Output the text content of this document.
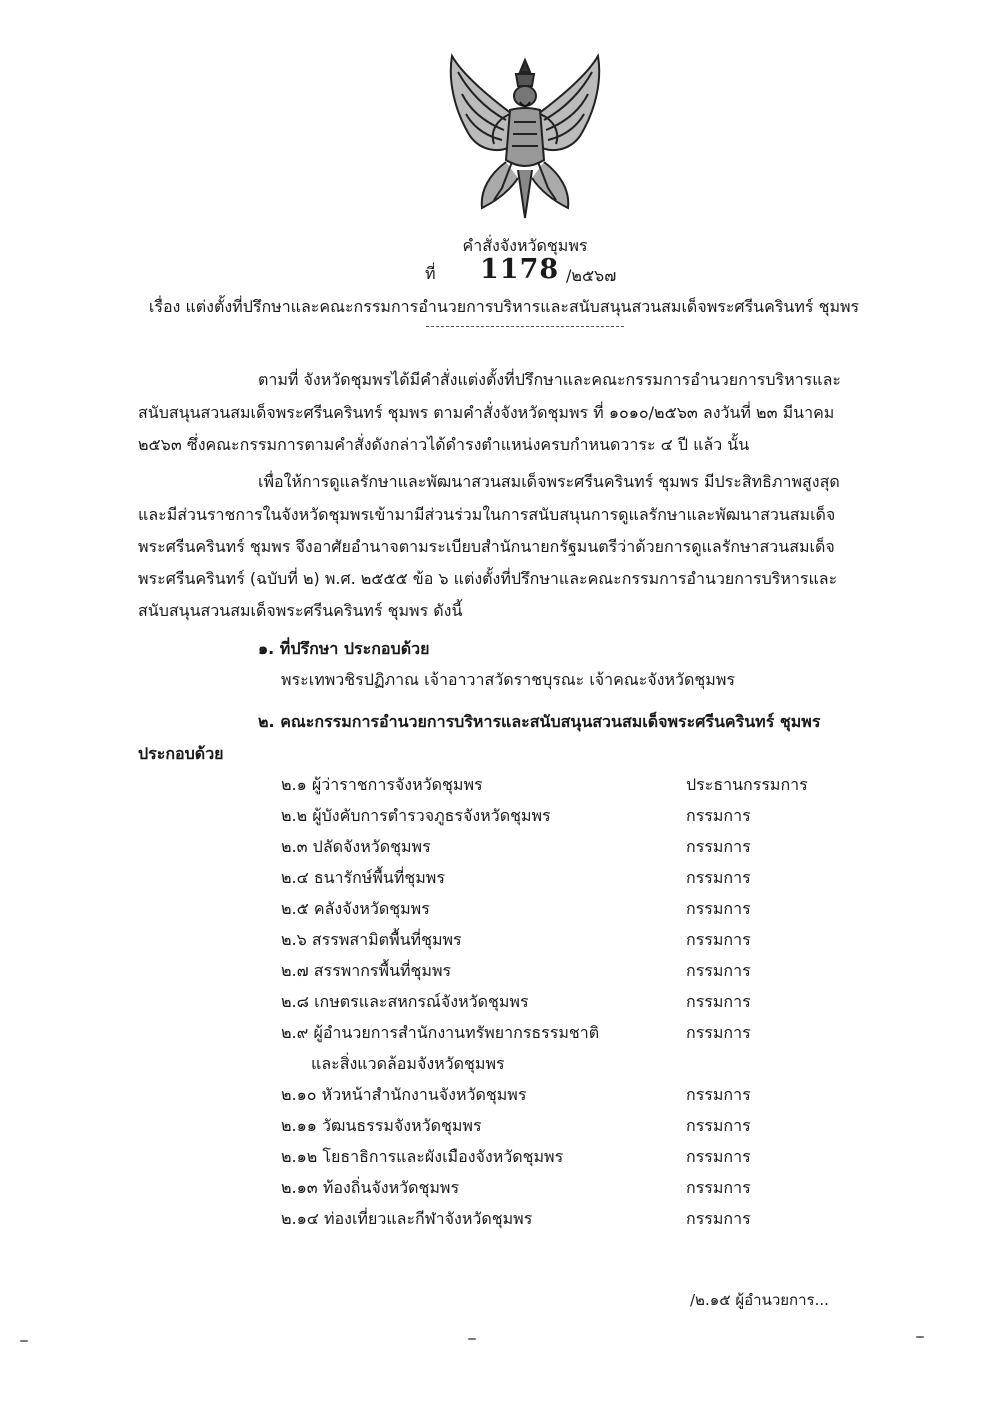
คำสั่งจังหวัดชุมพร
ที่ 1178 /๒๕๖๗
เรื่อง แต่งตั้งที่ปรึกษาและคณะกรรมการอำนวยการบริหารและสนับสนุนสวนสมเด็จพระศรีนครินทร์ ชุมพร
ตามที่ จังหวัดชุมพรได้มีคำสั่งแต่งตั้งที่ปรึกษาและคณะกรรมการอำนวยการบริหารและ
สนับสนุนสวนสมเด็จพระศรีนครินทร์ ชุมพร ตามคำสั่งจังหวัดชุมพร ที่ ๑๐๑๐/๒๕๖๓ ลงวันที่ ๒๓ มีนาคม
๒๕๖๓ ซึ่งคณะกรรมการตามคำสั่งดังกล่าวได้ดำรงตำแหน่งครบกำหนดวาระ ๔ ปี แล้ว นั้น
เพื่อให้การดูแลรักษาและพัฒนาสวนสมเด็จพระศรีนครินทร์ ชุมพร มีประสิทธิภาพสูงสุด
และมีส่วนราชการในจังหวัดชุมพรเข้ามามีส่วนร่วมในการสนับสนุนการดูแลรักษาและพัฒนาสวนสมเด็จ
พระศรีนครินทร์ ชุมพร จึงอาศัยอำนาจตามระเบียบสำนักนายกรัฐมนตรีว่าด้วยการดูแลรักษาสวนสมเด็จ
พระศรีนครินทร์ (ฉบับที่ ๒) พ.ศ. ๒๕๕๕ ข้อ ๖ แต่งตั้งที่ปรึกษาและคณะกรรมการอำนวยการบริหารและ
สนับสนุนสวนสมเด็จพระศรีนครินทร์ ชุมพร ดังนี้
๑. ที่ปรึกษา ประกอบด้วย
พระเทพวชิรปฏิภาณ เจ้าอาวาสวัดราชบุรณะ เจ้าคณะจังหวัดชุมพร
๒. คณะกรรมการอำนวยการบริหารและสนับสนุนสวนสมเด็จพระศรีนครินทร์ ชุมพร
ประกอบด้วย
๒.๑ ผู้ว่าราชการจังหวัดชุมพร	ประธานกรรมการ
๒.๒ ผู้บังคับการตำรวจภูธรจังหวัดชุมพร	กรรมการ
๒.๓ ปลัดจังหวัดชุมพร	กรรมการ
๒.๔ ธนารักษ์พื้นที่ชุมพร	กรรมการ
๒.๕ คลังจังหวัดชุมพร	กรรมการ
๒.๖ สรรพสามิตพื้นที่ชุมพร	กรรมการ
๒.๗ สรรพากรพื้นที่ชุมพร	กรรมการ
๒.๘ เกษตรและสหกรณ์จังหวัดชุมพร	กรรมการ
๒.๙ ผู้อำนวยการสำนักงานทรัพยากรธรรมชาติ	กรรมการ
และสิ่งแวดล้อมจังหวัดชุมพร
๒.๑๐ หัวหน้าสำนักงานจังหวัดชุมพร	กรรมการ
๒.๑๑ วัฒนธรรมจังหวัดชุมพร	กรรมการ
๒.๑๒ โยธาธิการและผังเมืองจังหวัดชุมพร	กรรมการ
๒.๑๓ ท้องถิ่นจังหวัดชุมพร	กรรมการ
๒.๑๔ ท่องเที่ยวและกีฬาจังหวัดชุมพร	กรรมการ
/๒.๑๕ ผู้อำนวยการ...
